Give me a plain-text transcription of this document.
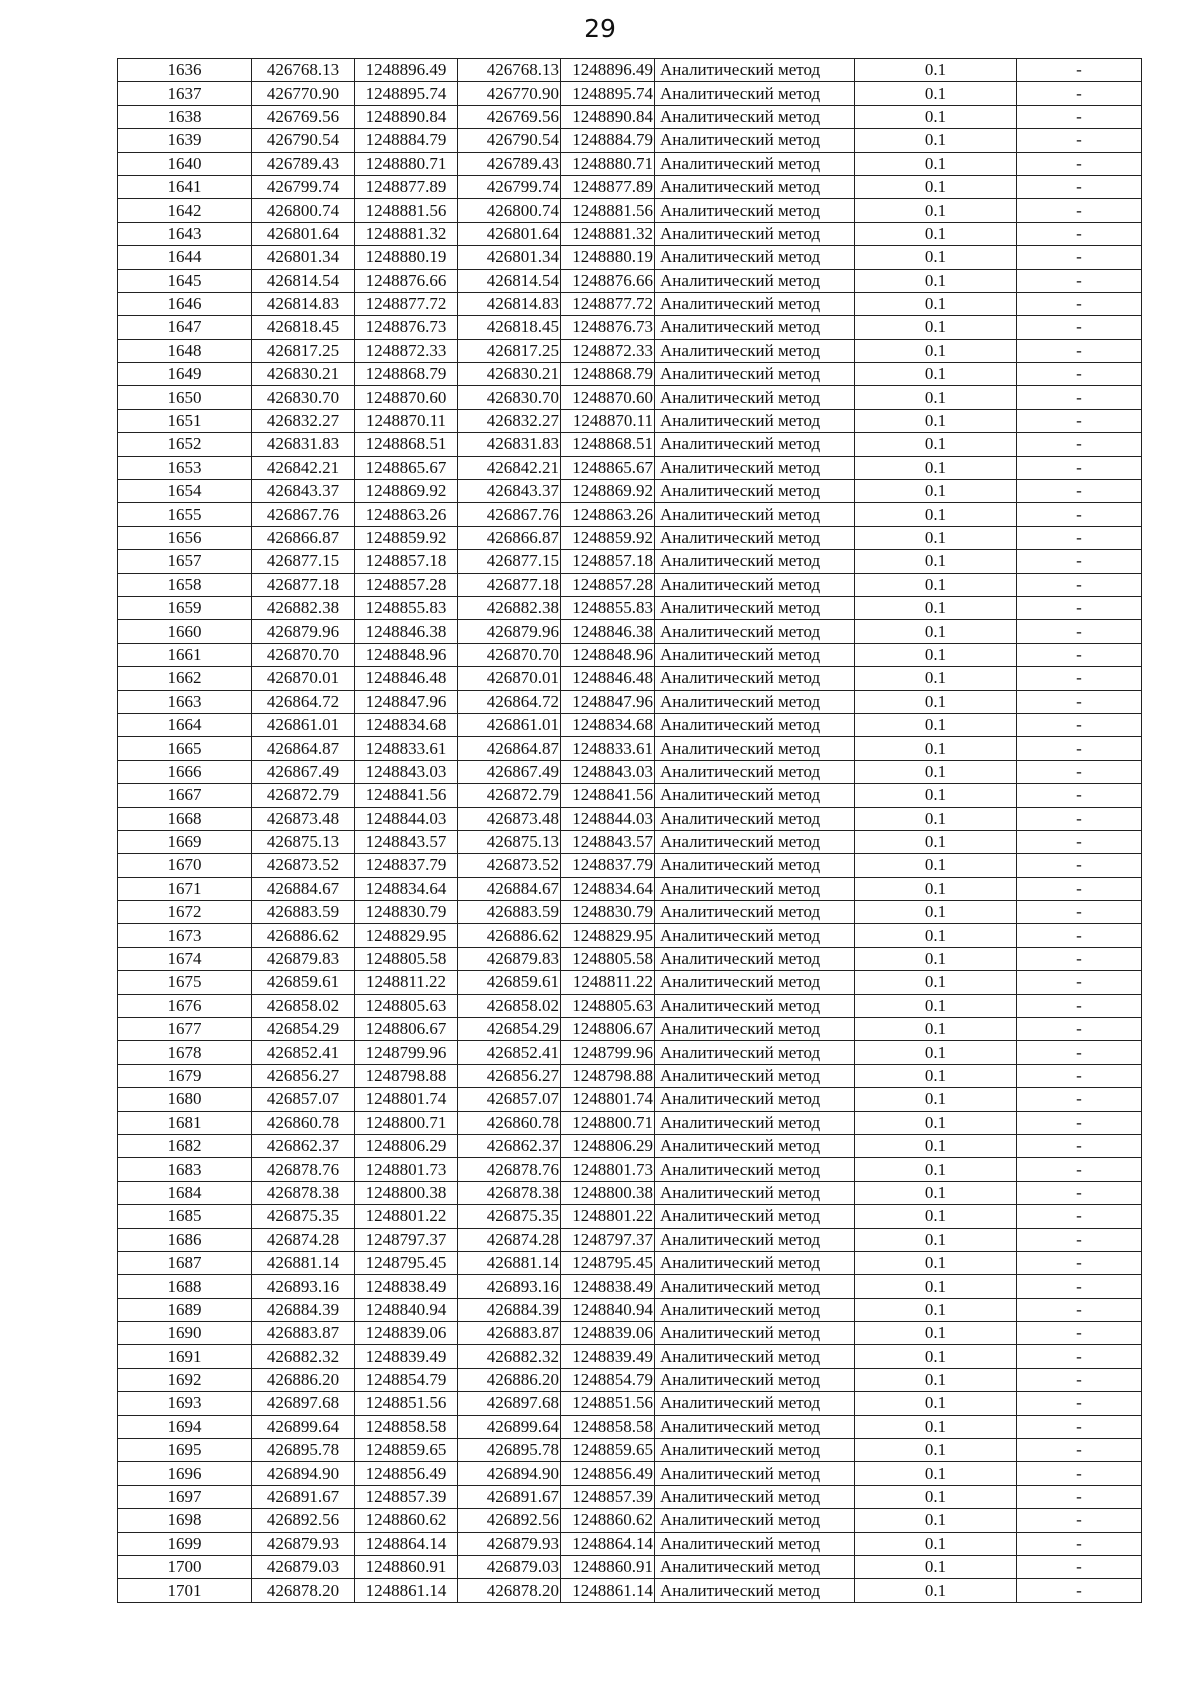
29
1636	426768.13	1248896.49	426768.13	1248896.49	Аналитический метод	0.1	-
1637	426770.90	1248895.74	426770.90	1248895.74	Аналитический метод	0.1	-
1638	426769.56	1248890.84	426769.56	1248890.84	Аналитический метод	0.1	-
1639	426790.54	1248884.79	426790.54	1248884.79	Аналитический метод	0.1	-
1640	426789.43	1248880.71	426789.43	1248880.71	Аналитический метод	0.1	-
1641	426799.74	1248877.89	426799.74	1248877.89	Аналитический метод	0.1	-
1642	426800.74	1248881.56	426800.74	1248881.56	Аналитический метод	0.1	-
1643	426801.64	1248881.32	426801.64	1248881.32	Аналитический метод	0.1	-
1644	426801.34	1248880.19	426801.34	1248880.19	Аналитический метод	0.1	-
1645	426814.54	1248876.66	426814.54	1248876.66	Аналитический метод	0.1	-
1646	426814.83	1248877.72	426814.83	1248877.72	Аналитический метод	0.1	-
1647	426818.45	1248876.73	426818.45	1248876.73	Аналитический метод	0.1	-
1648	426817.25	1248872.33	426817.25	1248872.33	Аналитический метод	0.1	-
1649	426830.21	1248868.79	426830.21	1248868.79	Аналитический метод	0.1	-
1650	426830.70	1248870.60	426830.70	1248870.60	Аналитический метод	0.1	-
1651	426832.27	1248870.11	426832.27	1248870.11	Аналитический метод	0.1	-
1652	426831.83	1248868.51	426831.83	1248868.51	Аналитический метод	0.1	-
1653	426842.21	1248865.67	426842.21	1248865.67	Аналитический метод	0.1	-
1654	426843.37	1248869.92	426843.37	1248869.92	Аналитический метод	0.1	-
1655	426867.76	1248863.26	426867.76	1248863.26	Аналитический метод	0.1	-
1656	426866.87	1248859.92	426866.87	1248859.92	Аналитический метод	0.1	-
1657	426877.15	1248857.18	426877.15	1248857.18	Аналитический метод	0.1	-
1658	426877.18	1248857.28	426877.18	1248857.28	Аналитический метод	0.1	-
1659	426882.38	1248855.83	426882.38	1248855.83	Аналитический метод	0.1	-
1660	426879.96	1248846.38	426879.96	1248846.38	Аналитический метод	0.1	-
1661	426870.70	1248848.96	426870.70	1248848.96	Аналитический метод	0.1	-
1662	426870.01	1248846.48	426870.01	1248846.48	Аналитический метод	0.1	-
1663	426864.72	1248847.96	426864.72	1248847.96	Аналитический метод	0.1	-
1664	426861.01	1248834.68	426861.01	1248834.68	Аналитический метод	0.1	-
1665	426864.87	1248833.61	426864.87	1248833.61	Аналитический метод	0.1	-
1666	426867.49	1248843.03	426867.49	1248843.03	Аналитический метод	0.1	-
1667	426872.79	1248841.56	426872.79	1248841.56	Аналитический метод	0.1	-
1668	426873.48	1248844.03	426873.48	1248844.03	Аналитический метод	0.1	-
1669	426875.13	1248843.57	426875.13	1248843.57	Аналитический метод	0.1	-
1670	426873.52	1248837.79	426873.52	1248837.79	Аналитический метод	0.1	-
1671	426884.67	1248834.64	426884.67	1248834.64	Аналитический метод	0.1	-
1672	426883.59	1248830.79	426883.59	1248830.79	Аналитический метод	0.1	-
1673	426886.62	1248829.95	426886.62	1248829.95	Аналитический метод	0.1	-
1674	426879.83	1248805.58	426879.83	1248805.58	Аналитический метод	0.1	-
1675	426859.61	1248811.22	426859.61	1248811.22	Аналитический метод	0.1	-
1676	426858.02	1248805.63	426858.02	1248805.63	Аналитический метод	0.1	-
1677	426854.29	1248806.67	426854.29	1248806.67	Аналитический метод	0.1	-
1678	426852.41	1248799.96	426852.41	1248799.96	Аналитический метод	0.1	-
1679	426856.27	1248798.88	426856.27	1248798.88	Аналитический метод	0.1	-
1680	426857.07	1248801.74	426857.07	1248801.74	Аналитический метод	0.1	-
1681	426860.78	1248800.71	426860.78	1248800.71	Аналитический метод	0.1	-
1682	426862.37	1248806.29	426862.37	1248806.29	Аналитический метод	0.1	-
1683	426878.76	1248801.73	426878.76	1248801.73	Аналитический метод	0.1	-
1684	426878.38	1248800.38	426878.38	1248800.38	Аналитический метод	0.1	-
1685	426875.35	1248801.22	426875.35	1248801.22	Аналитический метод	0.1	-
1686	426874.28	1248797.37	426874.28	1248797.37	Аналитический метод	0.1	-
1687	426881.14	1248795.45	426881.14	1248795.45	Аналитический метод	0.1	-
1688	426893.16	1248838.49	426893.16	1248838.49	Аналитический метод	0.1	-
1689	426884.39	1248840.94	426884.39	1248840.94	Аналитический метод	0.1	-
1690	426883.87	1248839.06	426883.87	1248839.06	Аналитический метод	0.1	-
1691	426882.32	1248839.49	426882.32	1248839.49	Аналитический метод	0.1	-
1692	426886.20	1248854.79	426886.20	1248854.79	Аналитический метод	0.1	-
1693	426897.68	1248851.56	426897.68	1248851.56	Аналитический метод	0.1	-
1694	426899.64	1248858.58	426899.64	1248858.58	Аналитический метод	0.1	-
1695	426895.78	1248859.65	426895.78	1248859.65	Аналитический метод	0.1	-
1696	426894.90	1248856.49	426894.90	1248856.49	Аналитический метод	0.1	-
1697	426891.67	1248857.39	426891.67	1248857.39	Аналитический метод	0.1	-
1698	426892.56	1248860.62	426892.56	1248860.62	Аналитический метод	0.1	-
1699	426879.93	1248864.14	426879.93	1248864.14	Аналитический метод	0.1	-
1700	426879.03	1248860.91	426879.03	1248860.91	Аналитический метод	0.1	-
1701	426878.20	1248861.14	426878.20	1248861.14	Аналитический метод	0.1	-
